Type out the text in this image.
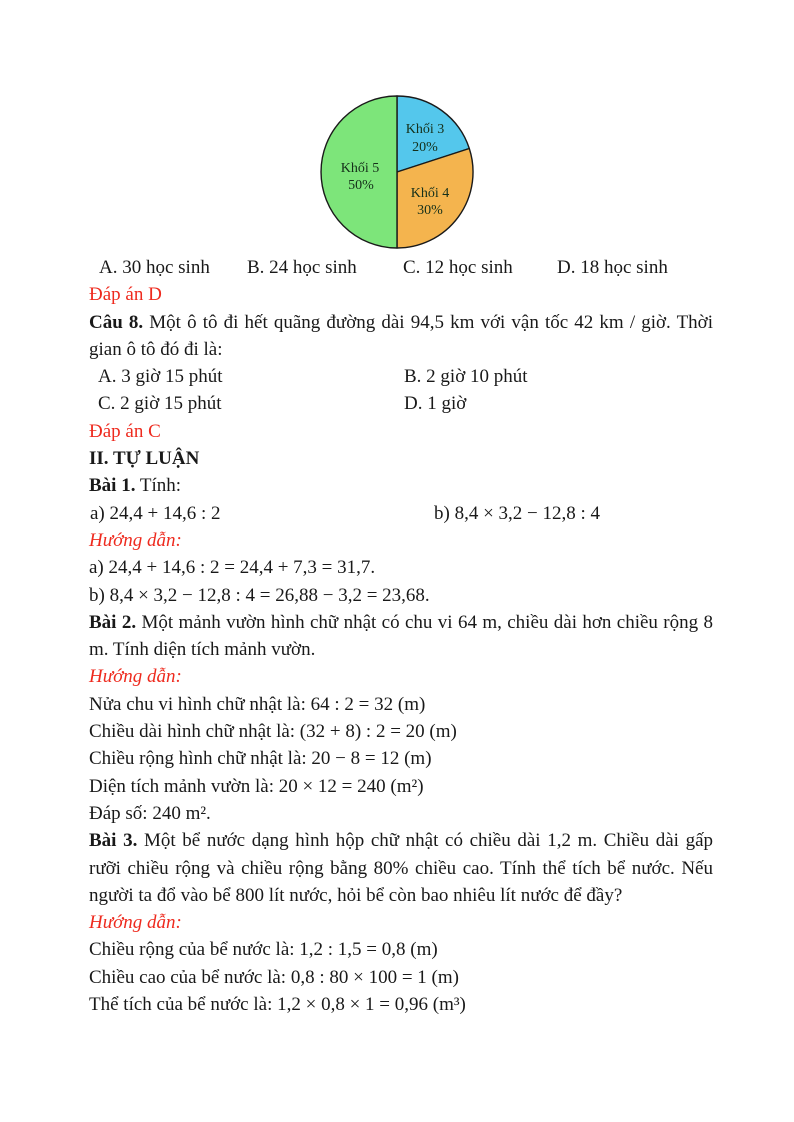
Khối 3
20%
Khối 5
50%
Khối 4
30%
A. 30 học sinh	B. 24 học sinh	C. 12 học sinh	D. 18 học sinh

Đáp án D

Câu 8. Một ô tô đi hết quãng đường dài 94,5 km với vận tốc 42 km / giờ. Thời gian ô tô đó đi là:

A. 3 giờ 15 phút	B. 2 giờ 10 phút
C. 2 giờ 15 phút	D. 1 giờ

Đáp án C

II. TỰ LUẬN

Bài 1. Tính:

a) 24,4 + 14,6 : 2	b) 8,4 × 3,2 − 12,8 : 4

Hướng dẫn:

a) 24,4 + 14,6 : 2 = 24,4 + 7,3 = 31,7.

b) 8,4 × 3,2 − 12,8 : 4 = 26,88 − 3,2 = 23,68.

Bài 2. Một mảnh vườn hình chữ nhật có chu vi 64 m, chiều dài hơn chiều rộng 8 m. Tính diện tích mảnh vườn.

Hướng dẫn:

Nửa chu vi hình chữ nhật là: 64 : 2 = 32 (m)

Chiều dài hình chữ nhật là: (32 + 8) : 2 = 20 (m)

Chiều rộng hình chữ nhật là: 20 − 8 = 12 (m)

Diện tích mảnh vườn là: 20 × 12 = 240 (m²)

Đáp số: 240 m².

Bài 3. Một bể nước dạng hình hộp chữ nhật có chiều dài 1,2 m. Chiều dài gấp rưỡi chiều rộng và chiều rộng bằng 80% chiều cao. Tính thể tích bể nước. Nếu người ta đổ vào bể 800 lít nước, hỏi bể còn bao nhiêu lít nước để đầy?

Hướng dẫn:

Chiều rộng của bể nước là: 1,2 : 1,5 = 0,8 (m)

Chiều cao của bể nước là: 0,8 : 80 × 100 = 1 (m)

Thể tích của bể nước là: 1,2 × 0,8 × 1 = 0,96 (m³)
